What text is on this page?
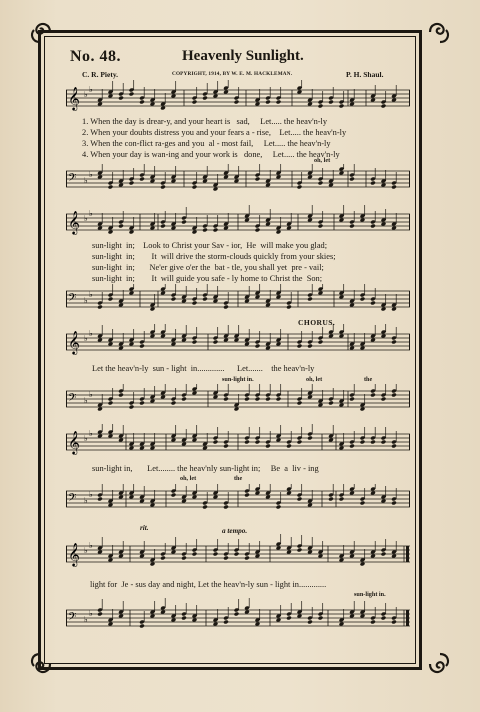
No. 48.	Heavenly Sunlight.
C. R. Piety.	COPYRIGHT, 1914, BY W. E. M. HACKLEMAN.	P. H. Shaul.
𝄞 ♭
♭
1. When the day is drear-y, and your heart is   sad,     Let..... the heav'n-ly
2. When your doubts distress you and your fears a - rise,    Let..... the heav'n-ly
3. When the con-flict ra-ges and you  al - most fail,     Let..... the heav'n-ly
4. When your day is wan-ing and your work is   done,     Let..... the heav'n-ly
oh, let
𝄢 ♭
♭
𝄞 ♭
♭
sun-light  in;    Look to Christ your Sav - ior,  He  will make you glad;
sun-light  in;        It  will drive the storm-clouds quickly from your skies;
sun-light  in;       Ne'er give o'er the  bat - tle, you shall yet  pre - vail;
sun-light  in;        It  will guide you safe - ly home to Christ the  Son;
𝄢 ♭
♭
CHORUS.
𝄞 ♭
♭
Let the heav'n-ly  sun - light  in.............      Let.......    the heav'n-ly
sun-light in.	oh, let	the
𝄢 ♭
♭
𝄞 ♭
♭
sun-light in,       Let........ the heav'nly sun-light in;     Be  a  liv - ing
oh, let	the
𝄢 ♭
♭
rit.	a tempo.
𝄞 ♭
♭
light for  Je - sus day and night, Let the heav'n-ly sun - light in.............
sun-light in.
𝄢 ♭
♭
